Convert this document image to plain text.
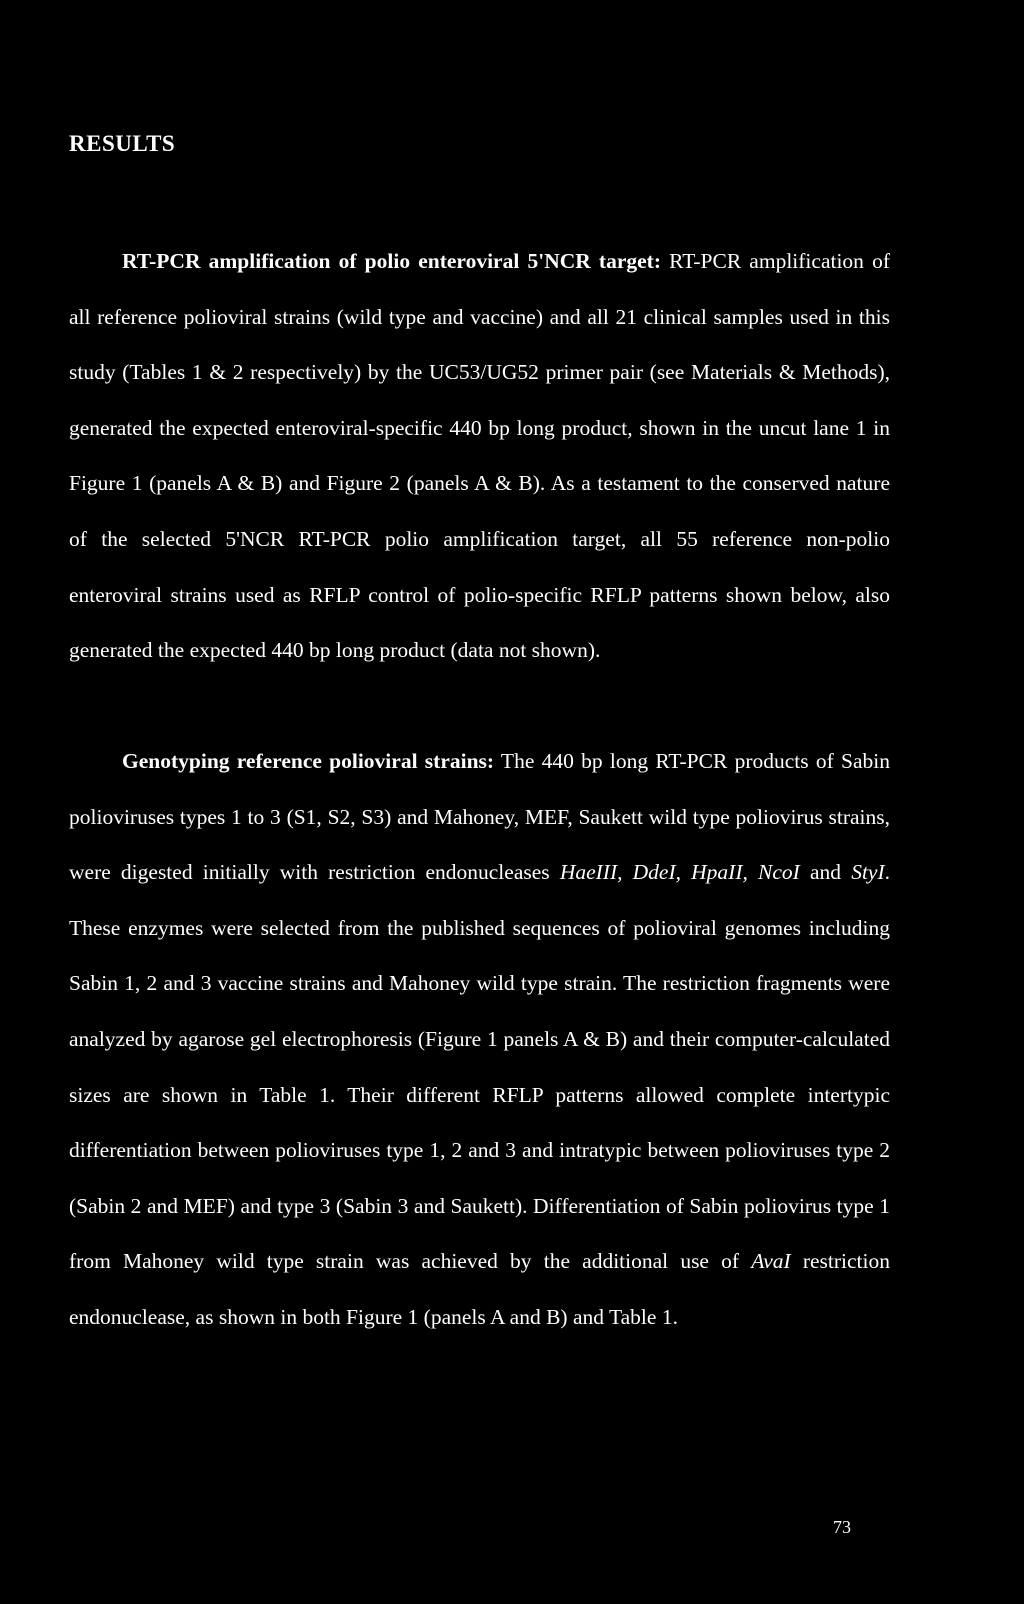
RESULTS

RT-PCR amplification of polio enteroviral 5'NCR target: RT-PCR amplification of all reference polioviral strains (wild type and vaccine) and all 21 clinical samples used in this study (Tables 1 & 2 respectively) by the UC53/UG52 primer pair (see Materials & Methods), generated the expected enteroviral-specific 440 bp long product, shown in the uncut lane 1 in Figure 1 (panels A & B) and Figure 2 (panels A & B). As a testament to the conserved nature of the selected 5'NCR RT-PCR polio amplification target, all 55 reference non-polio enteroviral strains used as RFLP control of polio-specific RFLP patterns shown below, also generated the expected 440 bp long product (data not shown).

Genotyping reference polioviral strains: The 440 bp long RT-PCR products of Sabin polioviruses types 1 to 3 (S1, S2, S3) and Mahoney, MEF, Saukett wild type poliovirus strains, were digested initially with restriction endonucleases HaeIII, DdeI, HpaII, NcoI and StyI. These enzymes were selected from the published sequences of polioviral genomes including Sabin 1, 2 and 3 vaccine strains and Mahoney wild type strain. The restriction fragments were analyzed by agarose gel electrophoresis (Figure 1 panels A & B) and their computer-calculated sizes are shown in Table 1. Their different RFLP patterns allowed complete intertypic differentiation between polioviruses type 1, 2 and 3 and intratypic between polioviruses type 2 (Sabin 2 and MEF) and type 3 (Sabin 3 and Saukett). Differentiation of Sabin poliovirus type 1 from Mahoney wild type strain was achieved by the additional use of AvaI restriction endonuclease, as shown in both Figure 1 (panels A and B) and Table 1.

73
